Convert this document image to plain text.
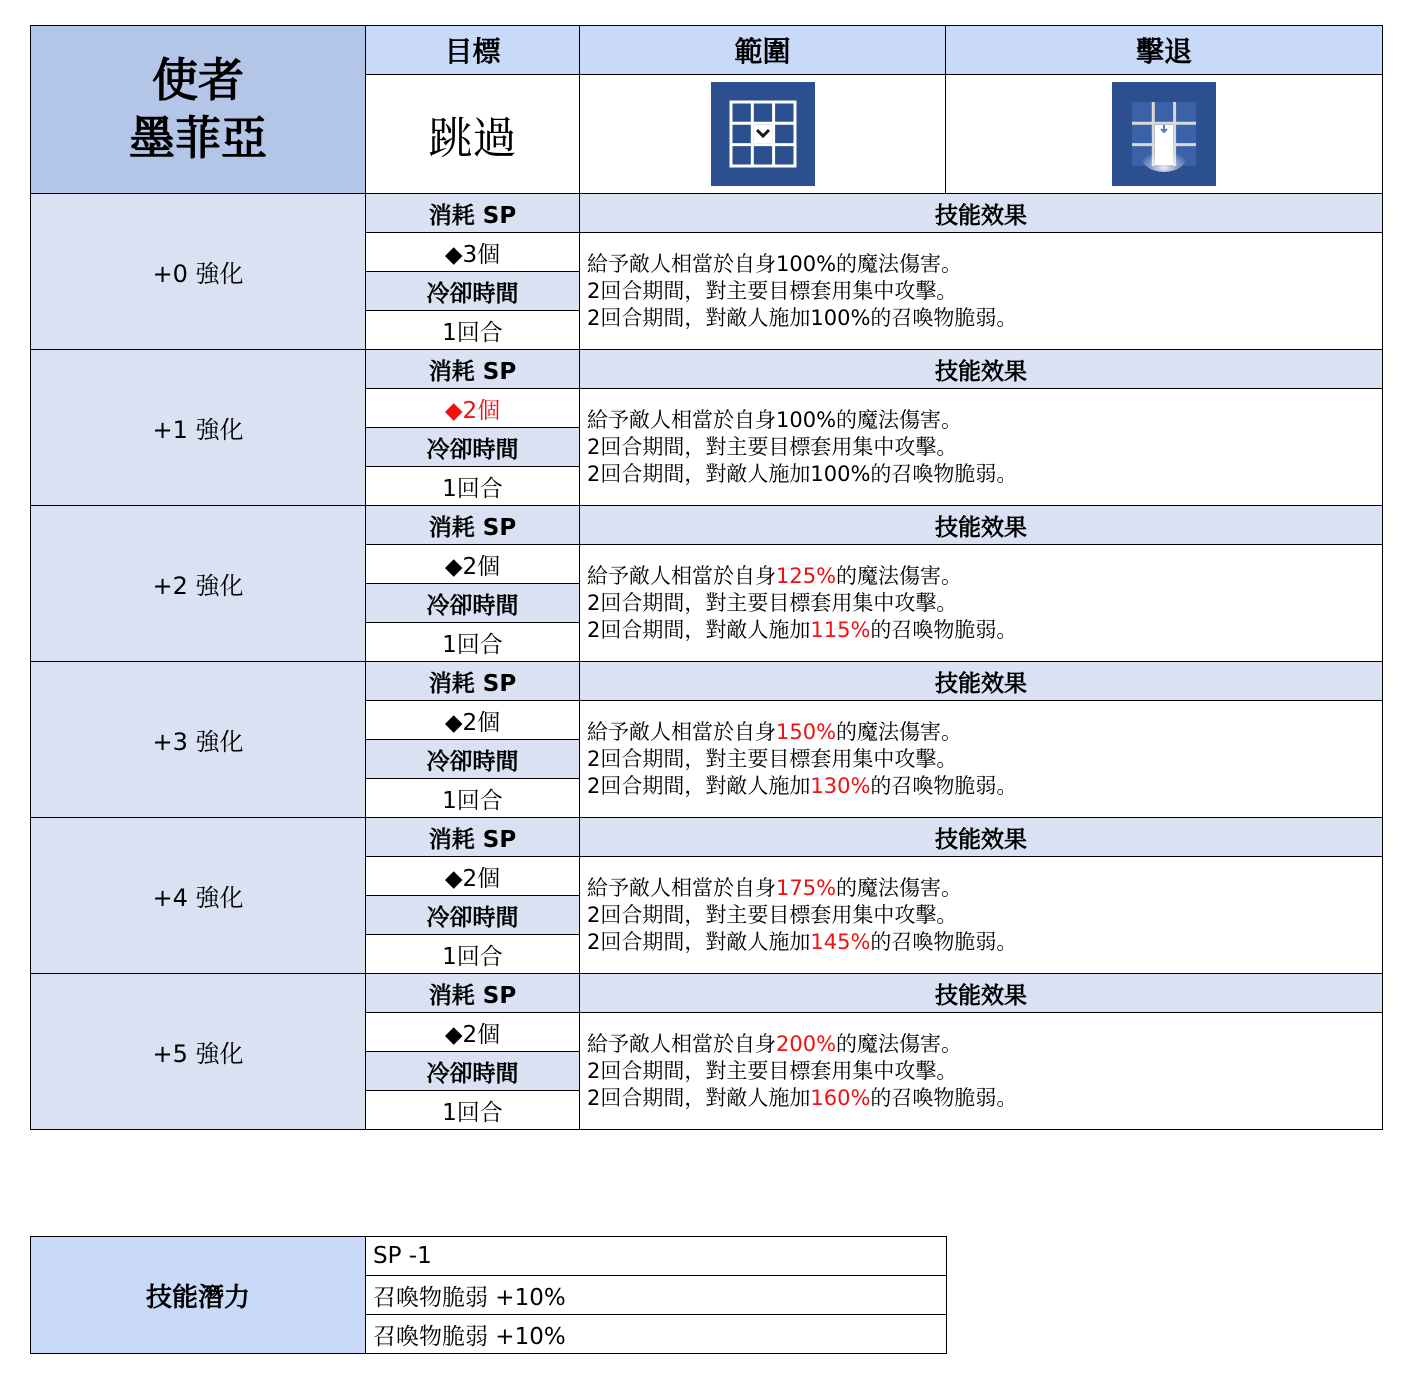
使者
墨菲亞	目標	範圍	擊退
	跳過	

+0 強化	消耗 SP	技能效果	
	◆3個	給予敵人相當於自身100%的魔法傷害。
2回合期間，對主要目標套用集中攻擊。
2回合期間，對敵人施加100%的召喚物脆弱。	

	冷卻時間		
	1回合		
+1 強化	消耗 SP	技能效果	
	◆2個	給予敵人相當於自身100%的魔法傷害。
2回合期間，對主要目標套用集中攻擊。
2回合期間，對敵人施加100%的召喚物脆弱。	

	冷卻時間		
	1回合		
+2 強化	消耗 SP	技能效果	
	◆2個	給予敵人相當於自身125%的魔法傷害。
2回合期間，對主要目標套用集中攻擊。
2回合期間，對敵人施加115%的召喚物脆弱。	

	冷卻時間		
	1回合		
+3 強化	消耗 SP	技能效果	
	◆2個	給予敵人相當於自身150%的魔法傷害。
2回合期間，對主要目標套用集中攻擊。
2回合期間，對敵人施加130%的召喚物脆弱。	

	冷卻時間		
	1回合		
+4 強化	消耗 SP	技能效果	
	◆2個	給予敵人相當於自身175%的魔法傷害。
2回合期間，對主要目標套用集中攻擊。
2回合期間，對敵人施加145%的召喚物脆弱。	

	冷卻時間		
	1回合		
+5 強化	消耗 SP	技能效果	
	◆2個	給予敵人相當於自身200%的魔法傷害。
2回合期間，對主要目標套用集中攻擊。
2回合期間，對敵人施加160%的召喚物脆弱。	

	冷卻時間		
	1回合		
技能潛力	SP -1
召喚物脆弱 +10%
召喚物脆弱 +10%
